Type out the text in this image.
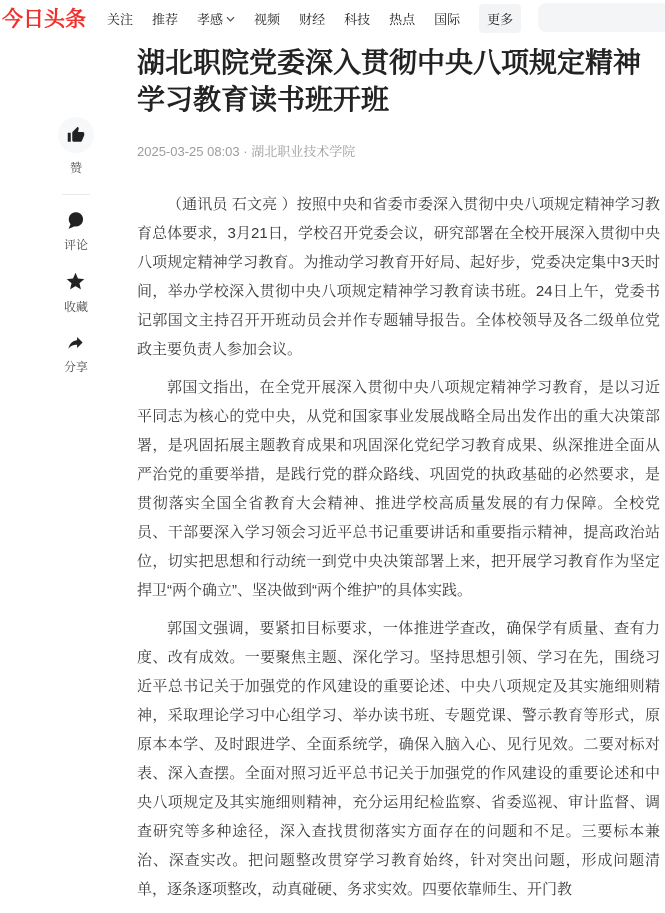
今日头条 关注 推荐 孝感 视频 财经 科技 热点 国际	更多
赞
评论
收藏
分享
湖北职院党委深入贯彻中央八项规定精神学习教育读书班开班
2025-03-25 08:03 · 湖北职业技术学院

（通讯员 石文亮 ）按照中央和省委市委深入贯彻中央八项规定精神学习教育总体要求，3月21日，学校召开党委会议，研究部署在全校开展深入贯彻中央八项规定精神学习教育。为推动学习教育开好局、起好步，党委决定集中3天时间，举办学校深入贯彻中央八项规定精神学习教育读书班。24日上午，党委书记郭国文主持召开开班动员会并作专题辅导报告。全体校领导及各二级单位党政主要负责人参加会议。

郭国文指出，在全党开展深入贯彻中央八项规定精神学习教育，是以习近平同志为核心的党中央，从党和国家事业发展战略全局出发作出的重大决策部署，是巩固拓展主题教育成果和巩固深化党纪学习教育成果、纵深推进全面从严治党的重要举措，是践行党的群众路线、巩固党的执政基础的必然要求，是贯彻落实全国全省教育大会精神、推进学校高质量发展的有力保障。全校党员、干部要深入学习领会习近平总书记重要讲话和重要指示精神，提高政治站位，切实把思想和行动统一到党中央决策部署上来，把开展学习教育作为坚定捍卫“两个确立”、坚决做到“两个维护”的具体实践。

郭国文强调，要紧扣目标要求，一体推进学查改，确保学有质量、查有力度、改有成效。一要聚焦主题、深化学习。坚持思想引领、学习在先，围绕习近平总书记关于加强党的作风建设的重要论述、中央八项规定及其实施细则精神，采取理论学习中心组学习、举办读书班、专题党课、警示教育等形式，原原本本学、及时跟进学、全面系统学，确保入脑入心、见行见效。二要对标对表、深入查摆。全面对照习近平总书记关于加强党的作风建设的重要论述和中央八项规定及其实施细则精神，充分运用纪检监察、省委巡视、审计监督、调查研究等多种途径，深入查找贯彻落实方面存在的问题和不足。三要标本兼治、深查实改。把问题整改贯穿学习教育始终，针对突出问题，形成问题清单，逐条逐项整改，动真碰硬、务求实效。四要依靠师生、开门教
